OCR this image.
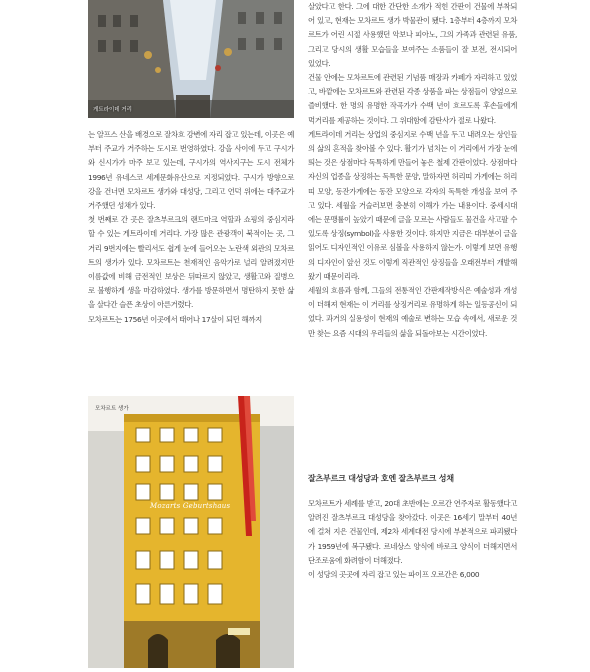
게트라이데 거리

는 알프스 산을 배경으로 잘차흐 강변에 자리 잡고 있는데, 이곳은 예부터 주교가 거주하는 도시로 번영하였다. 강을 사이에 두고 구시가와 신시가가 마주 보고 있는데, 구시가의 역사지구는 도시 전체가 1996년 유네스코 세계문화유산으로 지정되었다. 구시가 방향으로 강을 건너면 모차르트 생가와 대성당, 그리고 언덕 위에는 대주교가 거주했던 성채가 있다.

첫 번째로 간 곳은 잘츠부르크의 랜드마크 역할과 쇼핑의 중심지라 할 수 있는 게트라이데 거리다. 가장 많은 관광객이 북적이는 곳, 그 거리 9번지에는 빨리서도 쉽게 눈에 들어오는 노란색 외관의 모차르트의 생가가 있다. 모차르트는 천재적인 음악가로 널리 알려졌지만 이름값에 비해 금전적인 보상은 뒤따르지 않았고, 생활고와 질병으로 불행하게 생을 마감하였다. 생가를 방문하면서 명탄하지 못한 삶을 살다간 슬픈 초상이 아른거렸다.

모차르트는 1756년 이곳에서 태어나 17살이 되던 해까지

모차르트 생가
Mozarts Geburtshaus

살았다고 한다. 그에 대한 간단한 소개가 적힌 간판이 건물에 부착되어 있고, 현재는 모차르트 생가 박물관이 됐다. 1층부터 4층까지 모차르트가 어린 시절 사용했던 악보나 피아노, 그의 가족과 관련된 유품, 그리고 당시의 생활 모습들을 보여주는 소품들이 잘 보전, 전시되어 있었다.

건물 안에는 모차르트에 관련된 기념품 매장과 카페가 자리하고 있었고, 바깥에는 모차르트와 관련된 각종 상품을 파는 상점들이 양옆으로 즐비했다. 한 명의 유명한 작곡가가 수백 년이 흐르도록 후손들에게 먹거리를 제공하는 것이다. 그 위대함에 감탄사가 절로 나왔다.

게트라이데 거리는 상업의 중심지로 수백 년을 두고 내려오는 상인들의 삶의 흔적을 찾아볼 수 있다. 활기가 넘치는 이 거리에서 가장 눈에 띄는 것은 상점마다 독특하게 만들어 놓은 철제 간판이었다. 상점마다 자신의 업종을 상징하는 독특한 문양, 말하자면 허리띠 가게에는 허리띠 모양, 동잔가게에는 동잔 모양으로 각자의 독특한 개성을 보여 주고 있다. 세월을 거슬러보면 충분히 이해가 가는 내용이다. 중세시대에는 문맹률이 높았기 때문에 글을 모르는 사람들도 물건을 사고팔 수 있도록 상징(symbol)을 사용한 것이다. 하지만 지금은 대부분이 글을 읽어도 디자인적인 이유로 심볼을 사용하지 않는가. 이렇게 보면 유행의 디자인이 앞선 것도 이렇게 직관적인 상징들을 오래전부터 개발해왔기 때문이리라.

세월의 흐름과 함께, 그들의 전통적인 간판제작방식은 예술성과 개성이 더해져 현재는 이 거리를 상징거리로 유명하게 하는 일등공신이 되었다. 과거의 실용성이 현재의 예술로 변하는 모습 속에서, 새로운 것만 찾는 요즘 시대의 우리들의 삶을 되돌아보는 시간이었다.

잘츠부르크 대성당과 호엔 잘츠부르크 성채

모차르트가 세례를 받고, 20대 초반에는 오르간 연주자로 활동했다고 알려진 잘츠부르크 대성당을 찾아갔다. 이곳은 16세기 말부터 40년에 걸쳐 지은 건물인데, 제2차 세계대전 당시에 부분적으로 파괴됐다가 1959년에 복구됐다. 르네상스 양식에 바로크 양식이 더해지면서 단조로움에 화려함이 더해졌다.

이 성당의 곳곳에 자리 잡고 있는 파이프 오르간은 6,000
